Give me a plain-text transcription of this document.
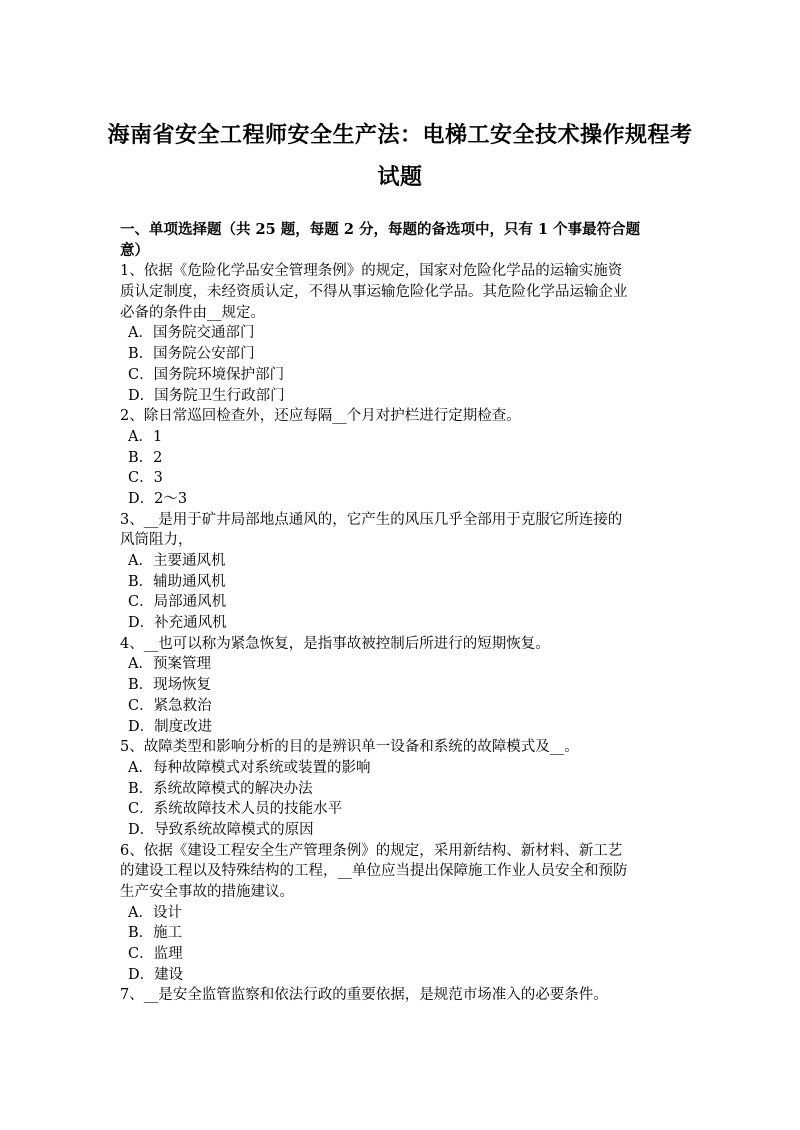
海南省安全工程师安全生产法：电梯工安全技术操作规程考
试题
一、单项选择题（共 25 题，每题 2 分，每题的备选项中，只有 1 个事最符合题
意）
1、依据《危险化学品安全管理条例》的规定，国家对危险化学品的运输实施资
质认定制度，未经资质认定，不得从事运输危险化学品。其危险化学品运输企业
必备的条件由__规定。
A．国务院交通部门
B．国务院公安部门
C．国务院环境保护部门
D．国务院卫生行政部门
2、除日常巡回检查外，还应每隔__个月对护栏进行定期检查。
A．1
B．2
C．3
D．2～3
3、__是用于矿井局部地点通风的，它产生的风压几乎全部用于克服它所连接的
风筒阻力，
A．主要通风机
B．辅助通风机
C．局部通风机
D．补充通风机
4、__也可以称为紧急恢复，是指事故被控制后所进行的短期恢复。
A．预案管理
B．现场恢复
C．紧急救治
D．制度改进
5、故障类型和影响分析的目的是辨识单一设备和系统的故障模式及__。
A．每种故障模式对系统或装置的影响
B．系统故障模式的解决办法
C．系统故障技术人员的技能水平
D．导致系统故障模式的原因
6、依据《建设工程安全生产管理条例》的规定，采用新结构、新材料、新工艺
的建设工程以及特殊结构的工程，__单位应当提出保障施工作业人员安全和预防
生产安全事故的措施建议。
A．设计
B．施工
C．监理
D．建设
7、__是安全监管监察和依法行政的重要依据，是规范市场准入的必要条件。
